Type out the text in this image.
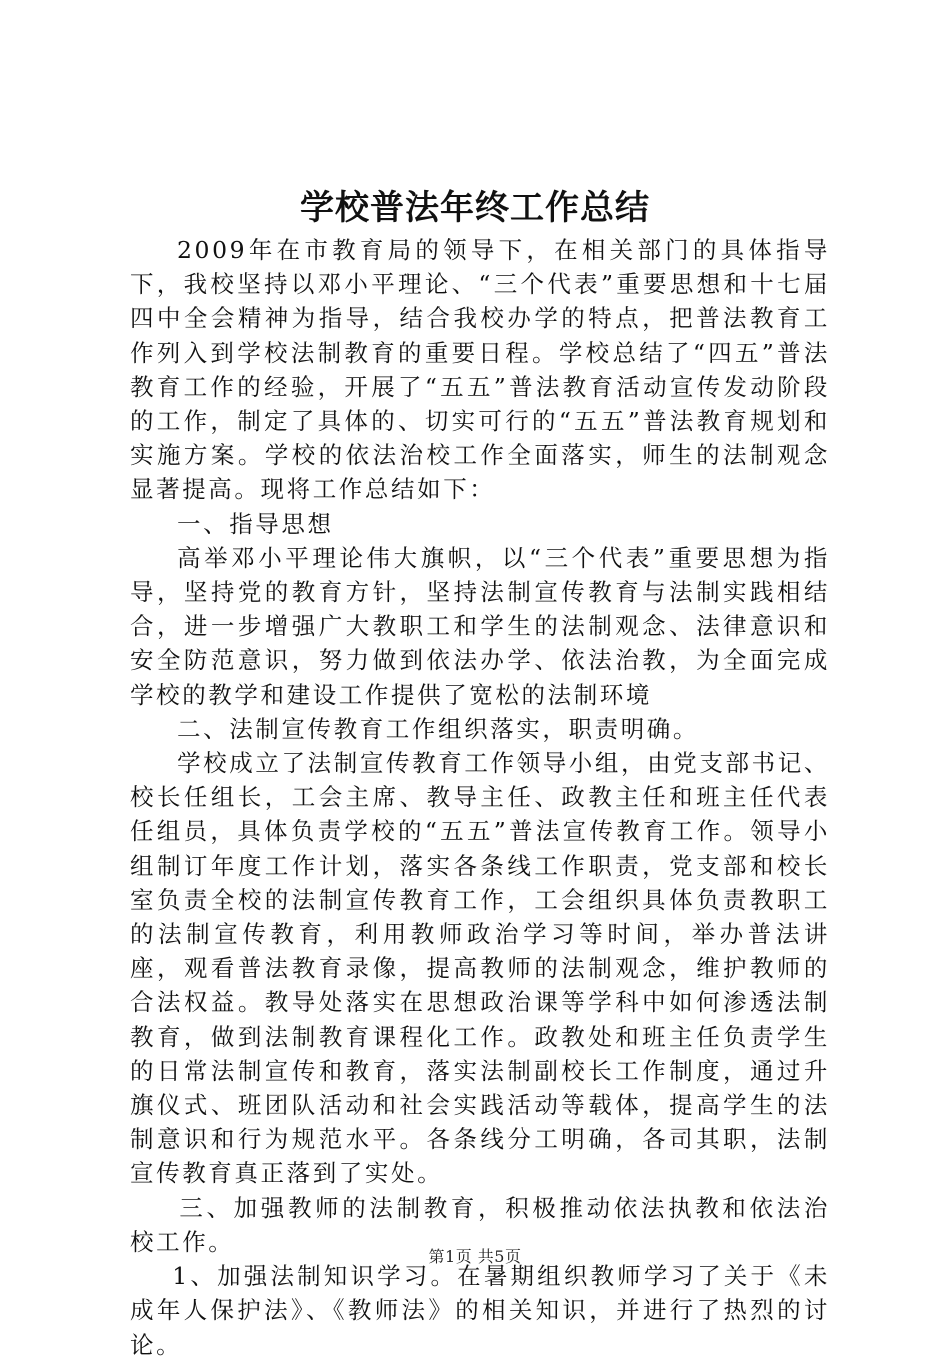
学校普法年终工作总结

2009年在市教育局的领导下，在相关部门的具体指导下，我校坚持以邓小平理论、“三个代表”重要思想和十七届四中全会精神为指导，结合我校办学的特点，把普法教育工作列入到学校法制教育的重要日程。学校总结了“四五”普法教育工作的经验，开展了“五五”普法教育活动宣传发动阶段的工作，制定了具体的、切实可行的“五五”普法教育规划和实施方案。学校的依法治校工作全面落实，师生的法制观念显著提高。现将工作总结如下：

一、指导思想

高举邓小平理论伟大旗帜，以“三个代表”重要思想为指导，坚持党的教育方针，坚持法制宣传教育与法制实践相结合，进一步增强广大教职工和学生的法制观念、法律意识和安全防范意识，努力做到依法办学、依法治教，为全面完成学校的教学和建设工作提供了宽松的法制环境

二、法制宣传教育工作组织落实，职责明确。

学校成立了法制宣传教育工作领导小组，由党支部书记、校长任组长，工会主席、教导主任、政教主任和班主任代表任组员，具体负责学校的“五五”普法宣传教育工作。领导小组制订年度工作计划，落实各条线工作职责，党支部和校长室负责全校的法制宣传教育工作，工会组织具体负责教职工的法制宣传教育，利用教师政治学习等时间，举办普法讲座，观看普法教育录像，提高教师的法制观念，维护教师的合法权益。教导处落实在思想政治课等学科中如何渗透法制教育，做到法制教育课程化工作。政教处和班主任负责学生的日常法制宣传和教育，落实法制副校长工作制度，通过升旗仪式、班团队活动和社会实践活动等载体，提高学生的法制意识和行为规范水平。各条线分工明确，各司其职，法制宣传教育真正落到了实处。

三、加强教师的法制教育，积极推动依法执教和依法治校工作。

1、加强法制知识学习。在暑期组织教师学习了关于《未成年人保护法》、《教师法》的相关知识，并进行了热烈的讨论。

第1页 共5页
